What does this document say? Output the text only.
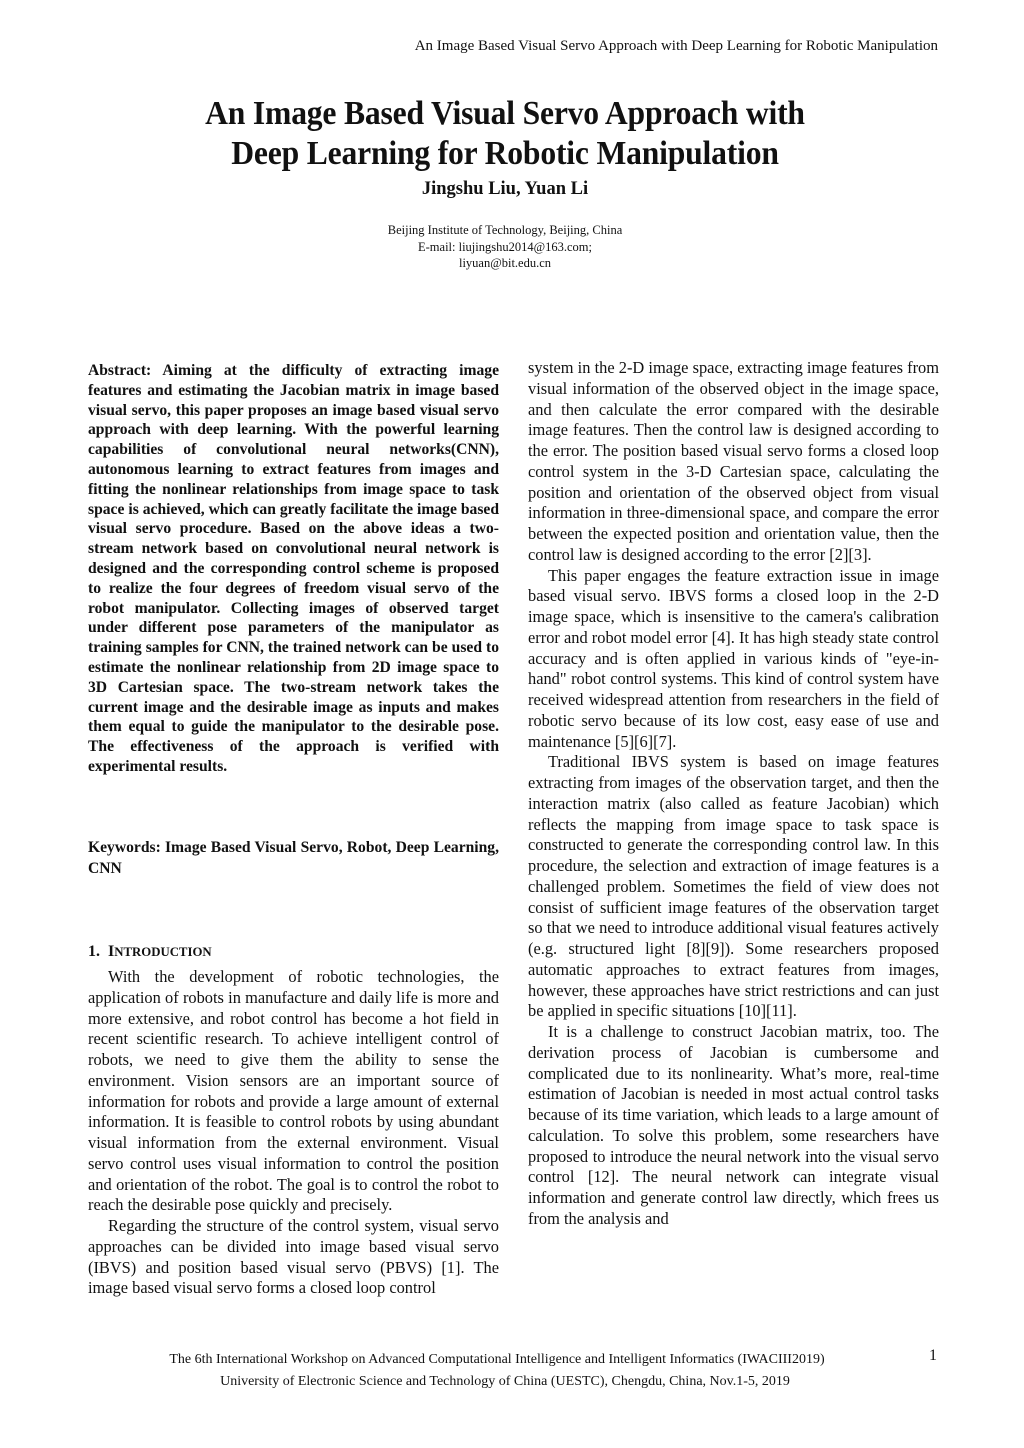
An Image Based Visual Servo Approach with Deep Learning for Robotic Manipulation
An Image Based Visual Servo Approach with
Deep Learning for Robotic Manipulation
Jingshu Liu, Yuan Li
Beijing Institute of Technology, Beijing, China
E-mail: liujingshu2014@163.com;
liyuan@bit.edu.cn
Abstract: Aiming at the difficulty of extracting image features and estimating the Jacobian matrix in image based visual servo, this paper proposes an image based visual servo approach with deep learning. With the powerful learning capabilities of convolutional neural networks(CNN), autonomous learning to extract features from images and fitting the nonlinear relationships from image space to task space is achieved, which can greatly facilitate the image based visual servo procedure. Based on the above ideas a two-stream network based on convolutional neural network is designed and the corresponding control scheme is proposed to realize the four degrees of freedom visual servo of the robot manipulator. Collecting images of observed target under different pose parameters of the manipulator as training samples for CNN, the trained network can be used to estimate the nonlinear relationship from 2D image space to 3D Cartesian space. The two-stream network takes the current image and the desirable image as inputs and makes them equal to guide the manipulator to the desirable pose. The effectiveness of the approach is verified with experimental results.
Keywords: Image Based Visual Servo, Robot, Deep Learning, CNN
1. INTRODUCTION

With the development of robotic technologies, the application of robots in manufacture and daily life is more and more extensive, and robot control has become a hot field in recent scientific research. To achieve intelligent control of robots, we need to give them the ability to sense the environment. Vision sensors are an important source of information for robots and provide a large amount of external information. It is feasible to control robots by using abundant visual information from the external environment. Visual servo control uses visual information to control the position and orientation of the robot. The goal is to control the robot to reach the desirable pose quickly and precisely.

Regarding the structure of the control system, visual servo approaches can be divided into image based visual servo (IBVS) and position based visual servo (PBVS) [1]. The image based visual servo forms a closed loop control

system in the 2-D image space, extracting image features from visual information of the observed object in the image space, and then calculate the error compared with the desirable image features. Then the control law is designed according to the error. The position based visual servo forms a closed loop control system in the 3-D Cartesian space, calculating the position and orientation of the observed object from visual information in three-dimensional space, and compare the error between the expected position and orientation value, then the control law is designed according to the error [2][3].

This paper engages the feature extraction issue in image based visual servo. IBVS forms a closed loop in the 2-D image space, which is insensitive to the camera's calibration error and robot model error [4]. It has high steady state control accuracy and is often applied in various kinds of "eye-in-hand" robot control systems. This kind of control system have received widespread attention from researchers in the field of robotic servo because of its low cost, easy ease of use and maintenance [5][6][7].

Traditional IBVS system is based on image features extracting from images of the observation target, and then the interaction matrix (also called as feature Jacobian) which reflects the mapping from image space to task space is constructed to generate the corresponding control law. In this procedure, the selection and extraction of image features is a challenged problem. Sometimes the field of view does not consist of sufficient image features of the observation target so that we need to introduce additional visual features actively (e.g. structured light [8][9]). Some researchers proposed automatic approaches to extract features from images, however, these approaches have strict restrictions and can just be applied in specific situations [10][11].

It is a challenge to construct Jacobian matrix, too. The derivation process of Jacobian is cumbersome and complicated due to its nonlinearity. What’s more, real-time estimation of Jacobian is needed in most actual control tasks because of its time variation, which leads to a large amount of calculation. To solve this problem, some researchers have proposed to introduce the neural network into the visual servo control [12]. The neural network can integrate visual information and generate control law directly, which frees us from the analysis and

The 6th International Workshop on Advanced Computational Intelligence and Intelligent Informatics (IWACIII2019)
University of Electronic Science and Technology of China (UESTC), Chengdu, China, Nov.1-5, 2019
1
